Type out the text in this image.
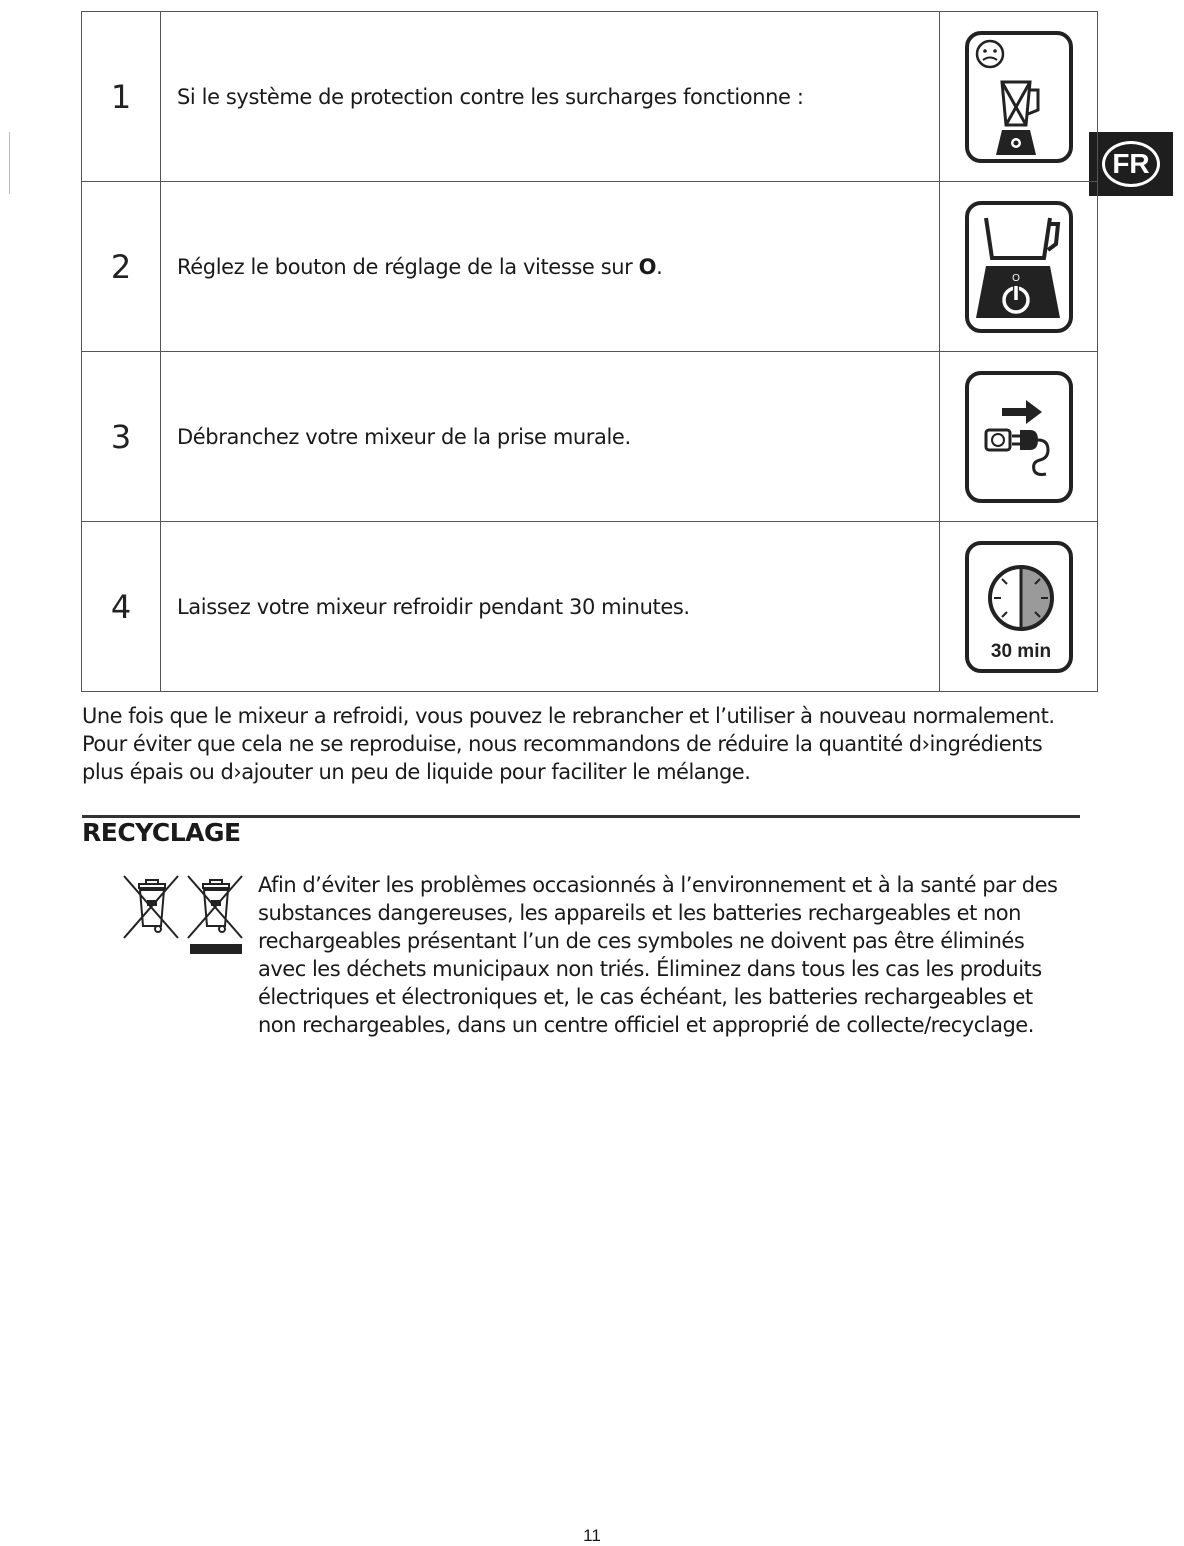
FR
1	Si le système de protection contre les surcharges fonctionne :	

2	Réglez le bouton de réglage de la vitesse sur O.	O

3	Débranchez votre mixeur de la prise murale.	

4	Laissez votre mixeur refroidir pendant 30 minutes.	30 min
Une fois que le mixeur a refroidi, vous pouvez le rebrancher et l’utiliser à nouveau normalement. Pour éviter que cela ne se reproduise, nous recommandons de réduire la quantité d›ingrédients plus épais ou d›ajouter un peu de liquide pour faciliter le mélange.
RECYCLAGE
Afin d’éviter les problèmes occasionnés à l’environnement et à la santé par des substances dangereuses, les appareils et les batteries rechargeables et non rechargeables présentant l’un de ces symboles ne doivent pas être éliminés avec les déchets municipaux non triés. Éliminez dans tous les cas les produits électriques et électroniques et, le cas échéant, les batteries rechargeables et non rechargeables, dans un centre officiel et approprié de collecte/recyclage.
11
